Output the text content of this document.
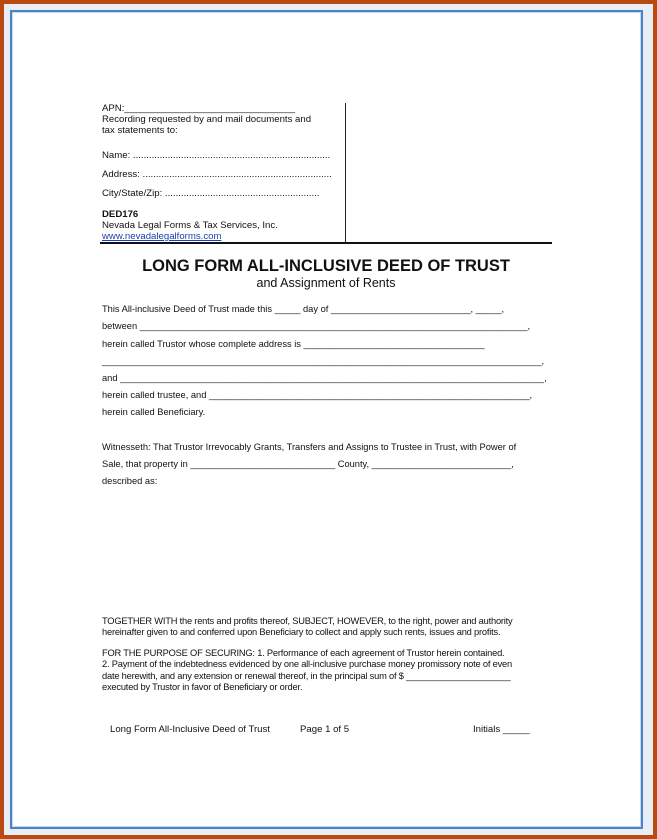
APN:________________________________
Recording requested by and mail documents and
tax statements to:
Name: ..........................................................................
Address: .......................................................................
City/State/Zip: ..........................................................
DED176
Nevada Legal Forms & Tax Services, Inc.
www.nevadalegalforms.com
LONG FORM ALL-INCLUSIVE DEED OF TRUST
and Assignment of Rents
This All-inclusive Deed of Trust made this _____ day of ___________________________, _____,
between ___________________________________________________________________________,
herein called Trustor whose complete address is ___________________________________
_____________________________________________________________________________________,
and __________________________________________________________________________________,
herein called trustee, and ______________________________________________________________,
herein called Beneficiary.
Witnesseth: That Trustor Irrevocably Grants, Transfers and Assigns to Trustee in Trust, with Power of
Sale, that property in ____________________________ County, ___________________________,
described as:
TOGETHER WITH the rents and profits thereof, SUBJECT, HOWEVER, to the right, power and authority
hereinafter given to and conferred upon Beneficiary to collect and apply such rents, issues and profits.
FOR THE PURPOSE OF SECURING: 1. Performance of each agreement of Trustor herein contained.
2. Payment of the indebtedness evidenced by one all-inclusive purchase money promissory note of even
date herewith, and any extension or renewal thereof, in the principal sum of $ _____________________
executed by Trustor in favor of Beneficiary or order.
Long Form All-Inclusive Deed of Trust	Page 1 of 5	Initials _____
